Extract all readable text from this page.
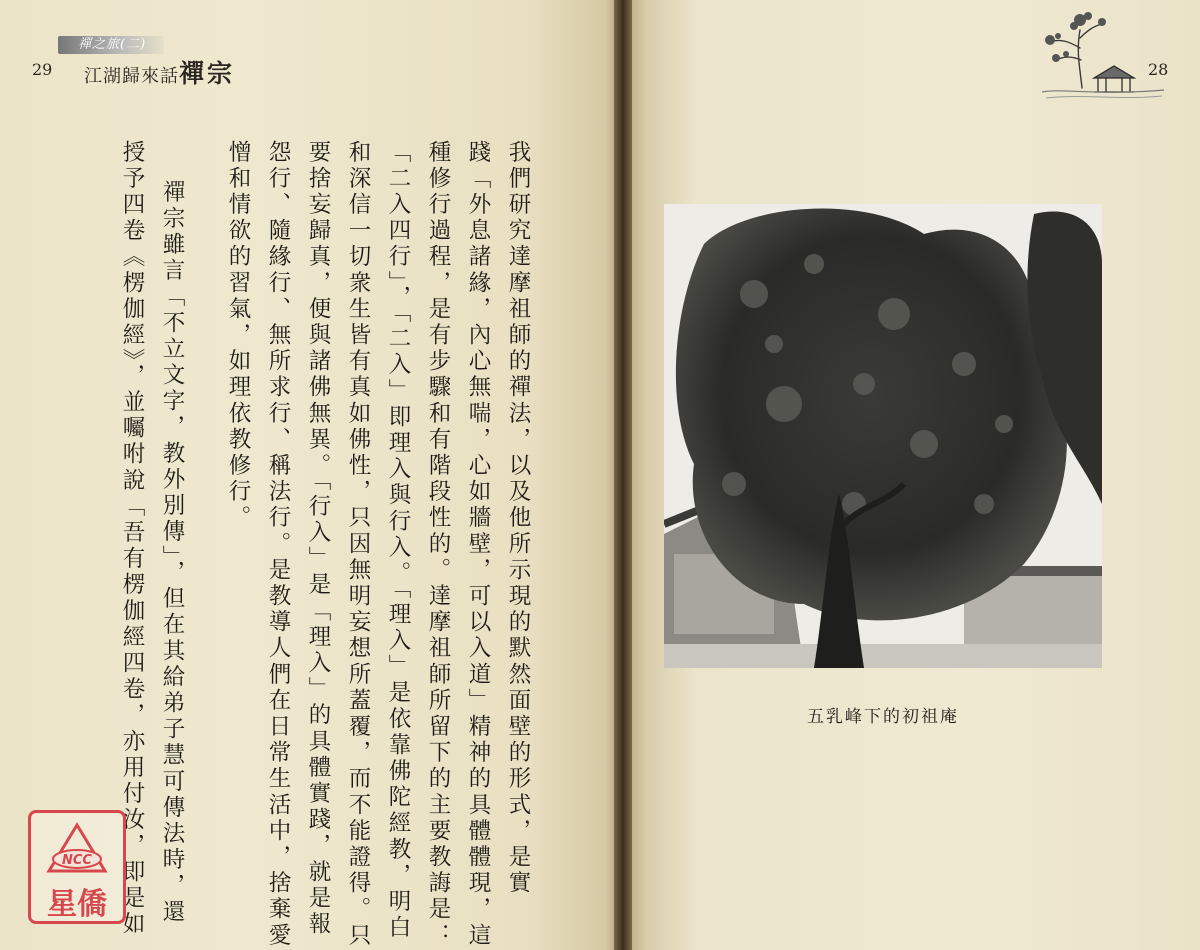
禪之旅(二)
29 江湖歸來話禪宗
我們研究達摩祖師的禪法，以及他所示現的默然面壁的形式，是實
踐「外息諸緣，內心無喘，心如牆壁，可以入道」精神的具體體現，這
種修行過程，是有步驟和有階段性的。達摩祖師所留下的主要教誨是：
「二入四行」，「二入」即理入與行入。「理入」是依靠佛陀經教，明白
和深信一切衆生皆有真如佛性，只因無明妄想所蓋覆，而不能證得。只
要捨妄歸真，便與諸佛無異。「行入」是「理入」的具體實踐，就是報
怨行、隨緣行、無所求行、稱法行。是教導人們在日常生活中，捨棄愛
憎和情欲的習氣，如理依教修行。
禪宗雖言「不立文字，教外別傳」，但在其給弟子慧可傳法時，還
授予四卷《楞伽經》，並囑咐說「吾有楞伽經四卷，亦用付汝，即是如
28
五乳峰下的初祖庵
NCC
星僑
